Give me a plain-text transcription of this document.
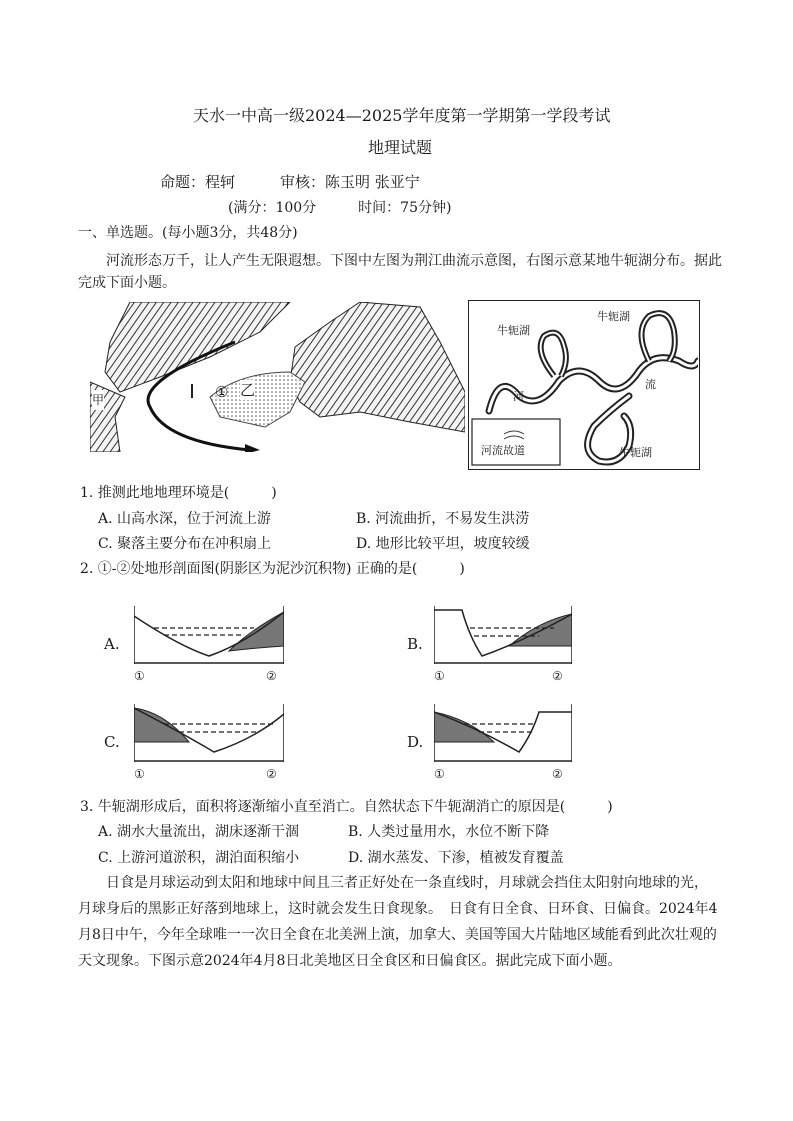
天水一中高一级2024—2025学年度第一学期第一学段考试
地理试题
命题：程轲　　　审核：陈玉明 张亚宁
(满分：100分　　　时间：75分钟)
一、单选题。(每小题3分，共48分)
河流形态万千，让人产生无限遐想。下图中左图为荆江曲流示意图，右图示意某地牛轭湖分布。据此
完成下面小题。
① 乙
甲
牛轭湖
牛轭湖
牛轭湖
河
流
河流故道
1. 推测此地地理环境是(　　　)
A. 山高水深，位于河流上游	B. 河流曲折，不易发生洪涝
C. 聚落主要分布在冲积扇上	D. 地形比较平坦，坡度较缓
2. ①-②处地形剖面图(阴影区为泥沙沉积物) 正确的是(　　　)
A.
①	②
B.
①	②
C.
①	②
D.
①	②
3. 牛轭湖形成后，面积将逐渐缩小直至消亡。自然状态下牛轭湖消亡的原因是(　　　)
A. 湖水大量流出，湖床逐渐干涸	B. 人类过量用水，水位不断下降
C. 上游河道淤积，湖泊面积缩小	D. 湖水蒸发、下渗，植被发育覆盖
日食是月球运动到太阳和地球中间且三者正好处在一条直线时，月球就会挡住太阳射向地球的光，
月球身后的黑影正好落到地球上，这时就会发生日食现象。　日食有日全食、日环食、日偏食。2024年4
月8日中午，今年全球唯一一次日全食在北美洲上演，加拿大、美国等国大片陆地区域能看到此次壮观的
天文现象。下图示意2024年4月8日北美地区日全食区和日偏食区。据此完成下面小题。
